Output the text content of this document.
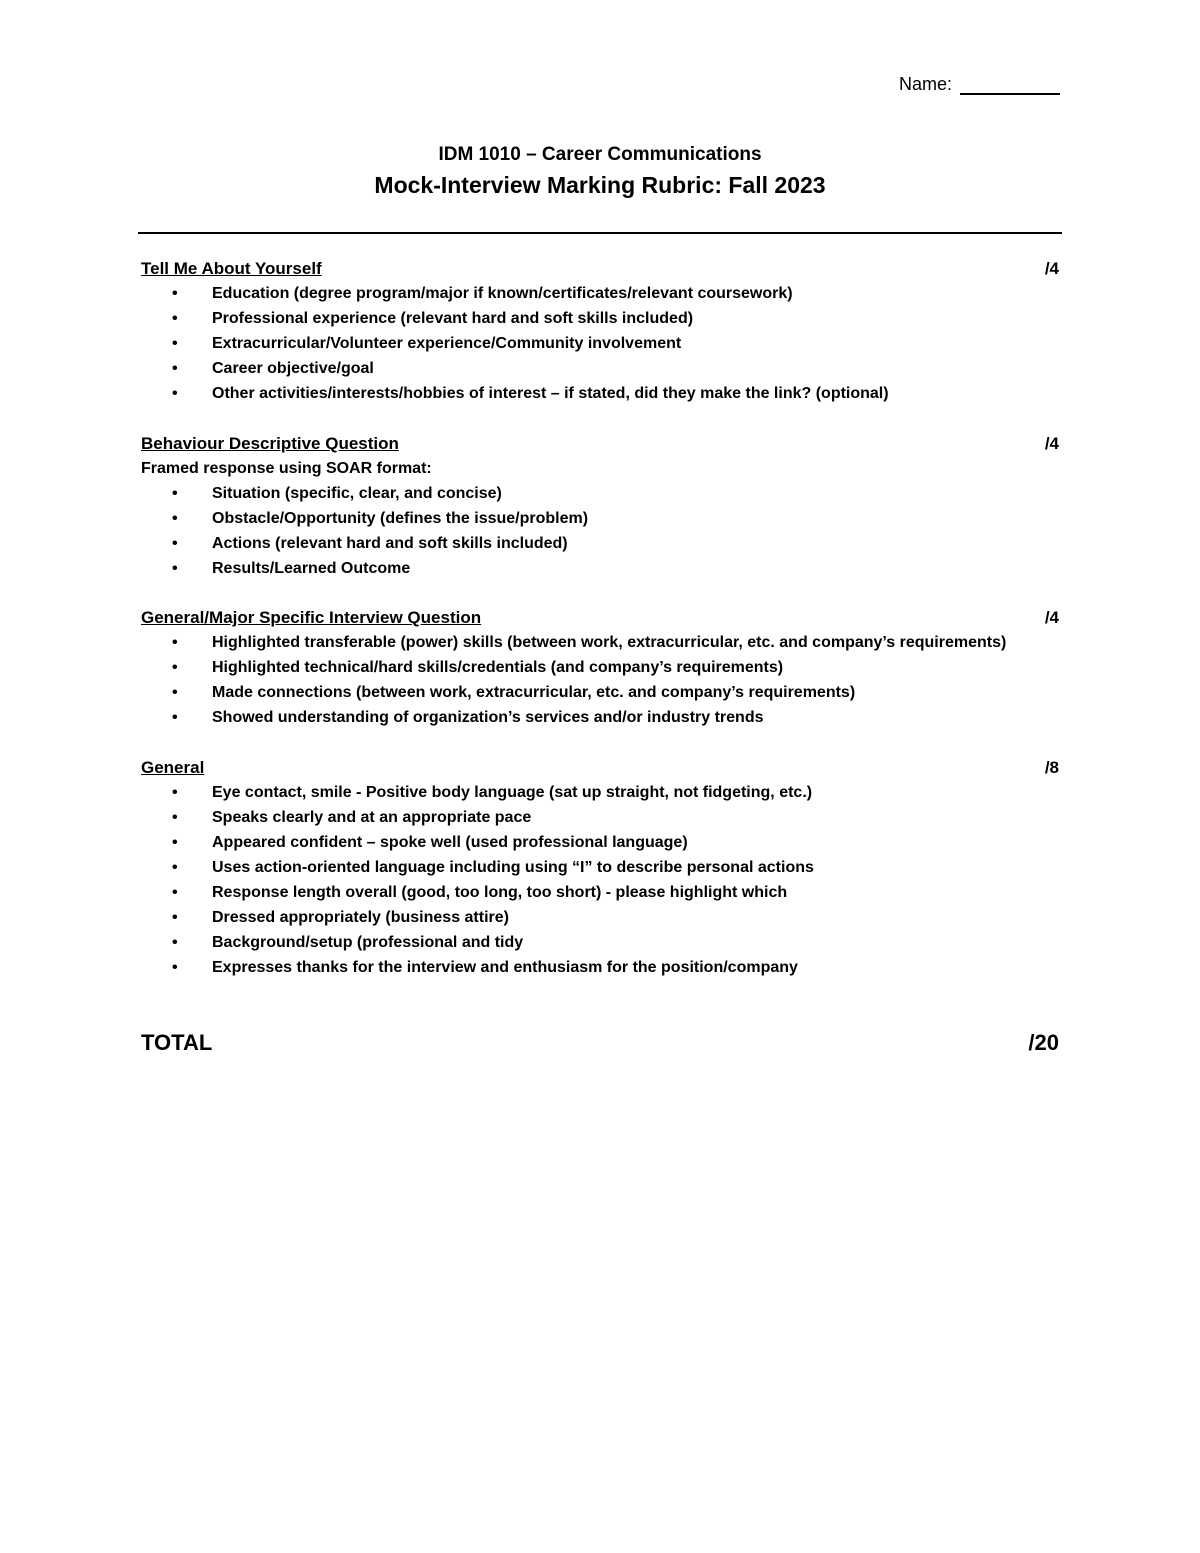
Name:
IDM 1010 – Career Communications
Mock-Interview Marking Rubric: Fall 2023
Tell Me About Yourself	/4
• Education (degree program/major if known/certificates/relevant coursework)
• Professional experience (relevant hard and soft skills included)
• Extracurricular/Volunteer experience/Community involvement
• Career objective/goal
• Other activities/interests/hobbies of interest – if stated, did they make the link? (optional)
Behaviour Descriptive Question	/4
Framed response using SOAR format:
• Situation (specific, clear, and concise)
• Obstacle/Opportunity (defines the issue/problem)
• Actions (relevant hard and soft skills included)
• Results/Learned Outcome
General/Major Specific Interview Question	/4
• Highlighted transferable (power) skills (between work, extracurricular, etc. and company’s requirements)
• Highlighted technical/hard skills/credentials (and company’s requirements)
• Made connections (between work, extracurricular, etc. and company’s requirements)
• Showed understanding of organization’s services and/or industry trends
General	/8
• Eye contact, smile - Positive body language (sat up straight, not fidgeting, etc.)
• Speaks clearly and at an appropriate pace
• Appeared confident – spoke well (used professional language)
• Uses action-oriented language including using “I” to describe personal actions
• Response length overall (good, too long, too short) - please highlight which
• Dressed appropriately (business attire)
• Background/setup (professional and tidy
• Expresses thanks for the interview and enthusiasm for the position/company
TOTAL	/20
